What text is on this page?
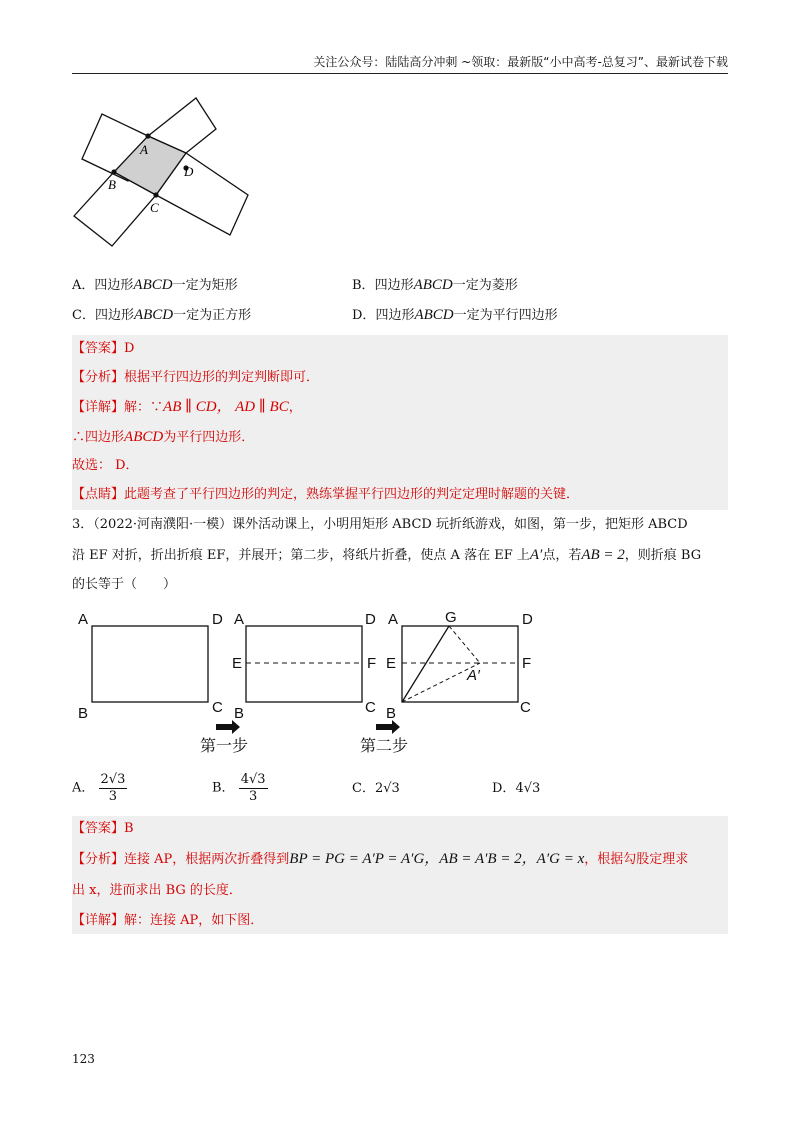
关注公众号：陆陆高分冲刺 ~领取：最新版“小中高考-总复习”、最新试卷下载
A
D
B
C
A．四边形ABCD一定为矩形	B．四边形ABCD一定为菱形
C．四边形ABCD一定为正方形	D．四边形ABCD一定为平行四边形
【答案】D
【分析】根据平行四边形的判定判断即可．
【详解】解：∵AB ∥ CD， AD ∥ BC，
∴四边形ABCD为平行四边形．
故选： D．
【点睛】此题考查了平行四边形的判定，熟练掌握平行四边形的判定定理时解题的关键．
3．（2022·河南濮阳·一模）课外活动课上，小明用矩形 ABCD 玩折纸游戏，如图，第一步，把矩形 ABCD
沿 EF 对折，折出折痕 EF，并展开；第二步，将纸片折叠，使点 A 落在 EF 上A′点，若AB = 2，则折痕 BG
的长等于（　　）
A	D
B	C
A	D
E	F
B	C
A	G	D
E	F
A′
B	C
第一步	第二步
A． $\frac{2√3}{3}$	B． $\frac{4√3}{3}$	C．2√3	D．4√3
【答案】B
【分析】连接 AP，根据两次折叠得到BP = PG = A′P = A′G，AB = A′B = 2，A′G = x，根据勾股定理求
出 x，进而求出 BG 的长度．
【详解】解：连接 AP，如下图．
123
